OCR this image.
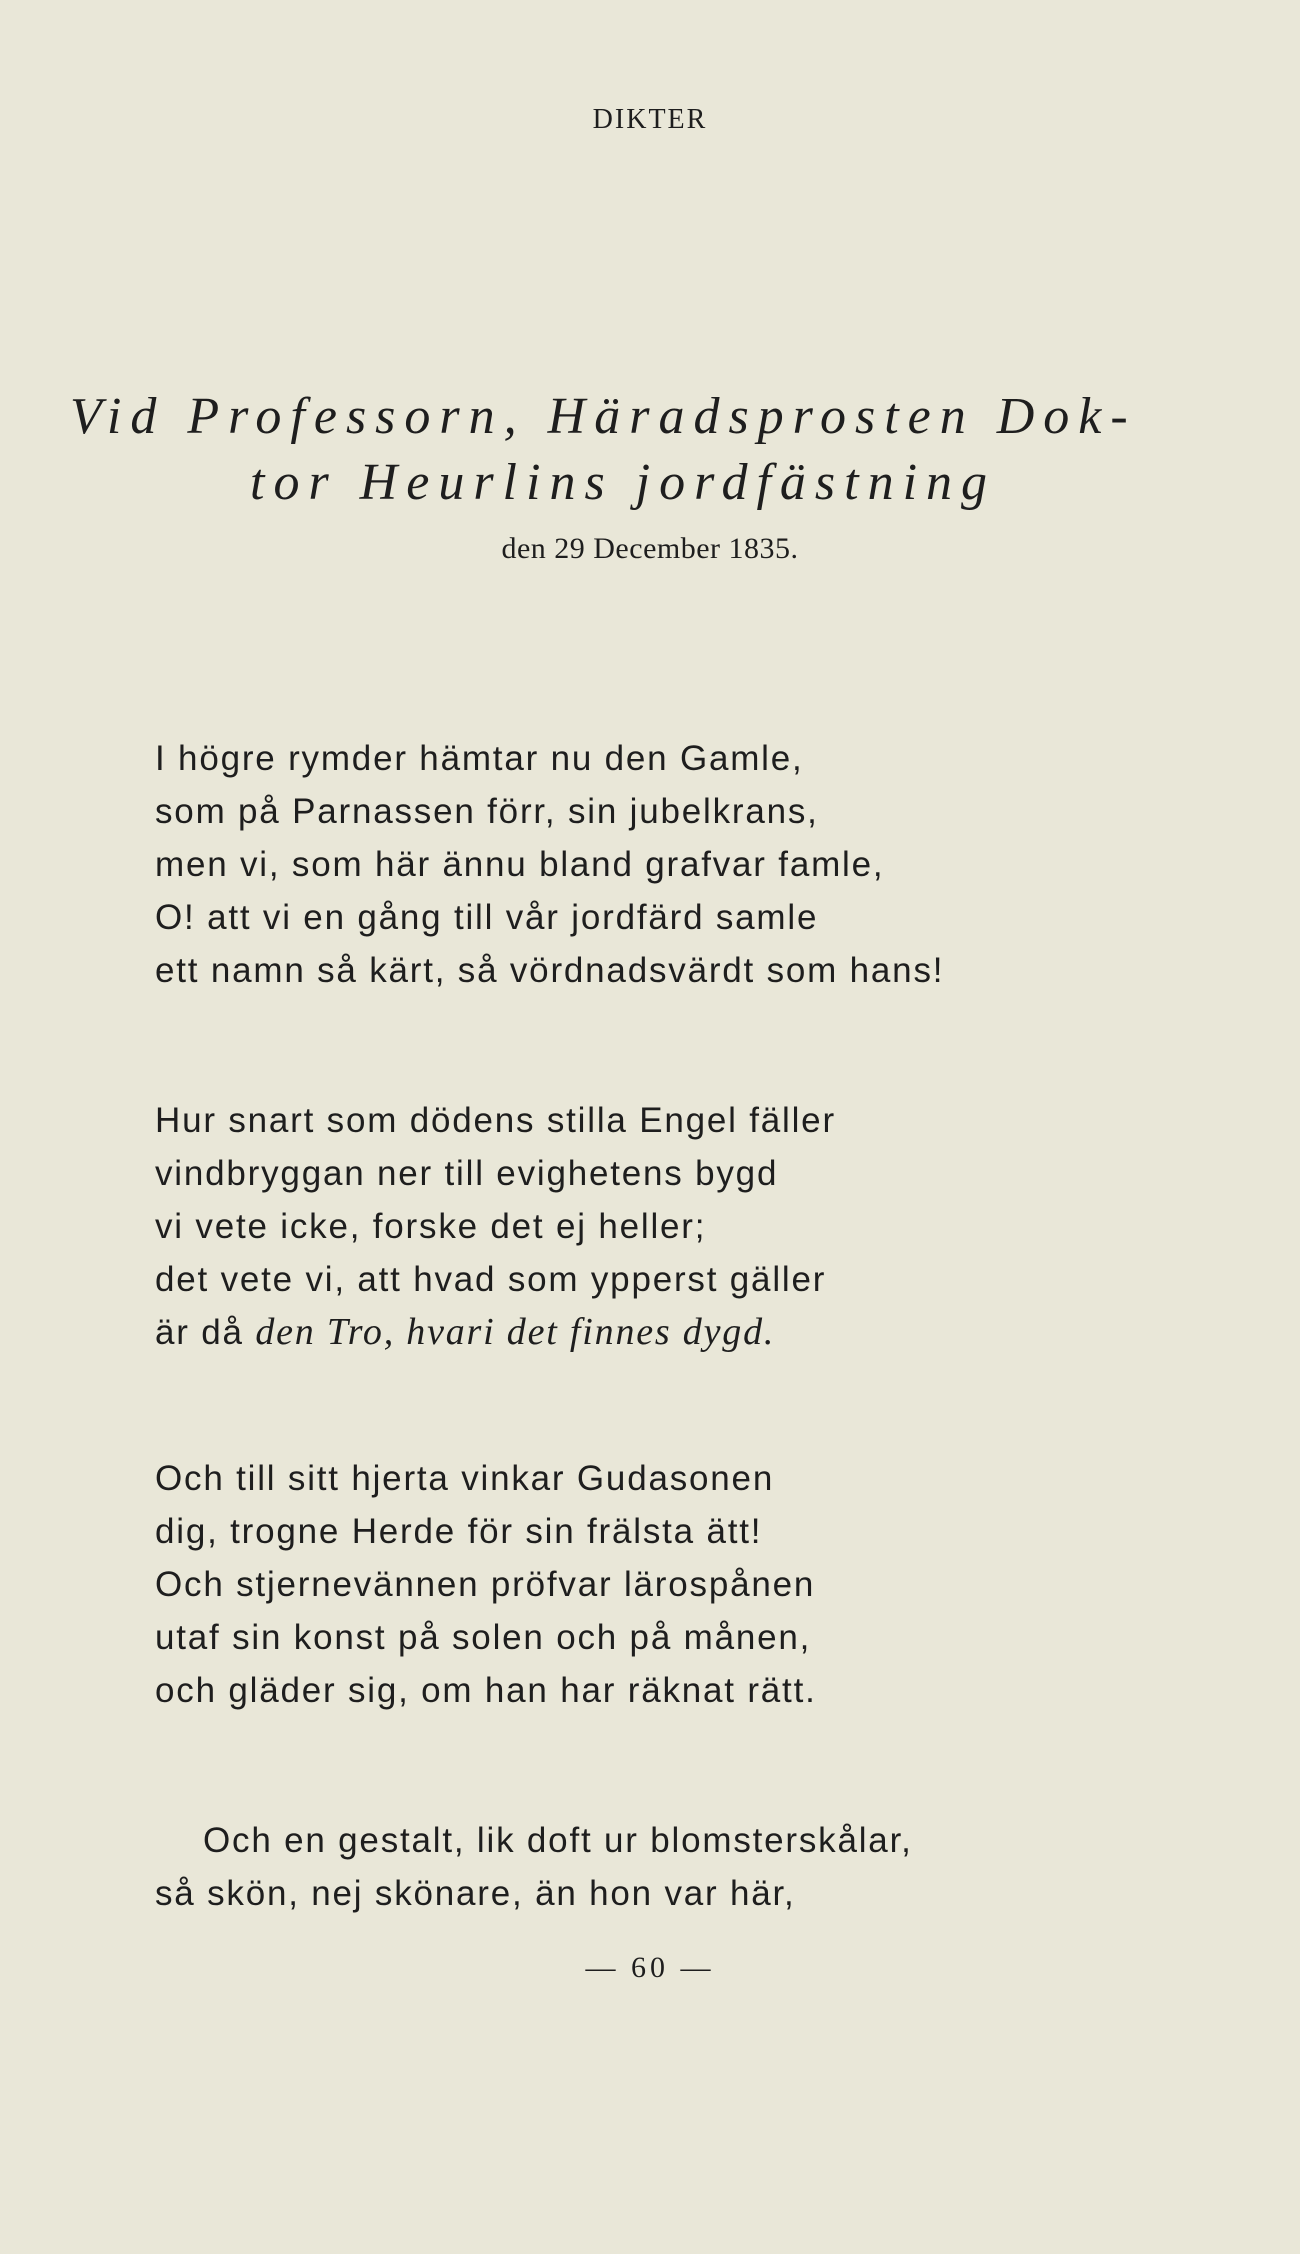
DIKTER
Vid Professorn, Häradsprosten Dok-
tor Heurlins jordfästning
den 29 December 1835.
I högre rymder hämtar nu den Gamle,
som på Parnassen förr, sin jubelkrans,
men vi, som här ännu bland grafvar famle,
O! att vi en gång till vår jordfärd samle
ett namn så kärt, så vördnadsvärdt som hans!
Hur snart som dödens stilla Engel fäller
vindbryggan ner till evighetens bygd
vi vete icke, forske det ej heller;
det vete vi, att hvad som ypperst gäller
är då den Tro, hvari det finnes dygd.
Och till sitt hjerta vinkar Gudasonen
dig, trogne Herde för sin frälsta ätt!
Och stjernevännen pröfvar lärospånen
utaf sin konst på solen och på månen,
och gläder sig, om han har räknat rätt.
Och en gestalt, lik doft ur blomsterskålar,
så skön, nej skönare, än hon var här,
— 60 —
